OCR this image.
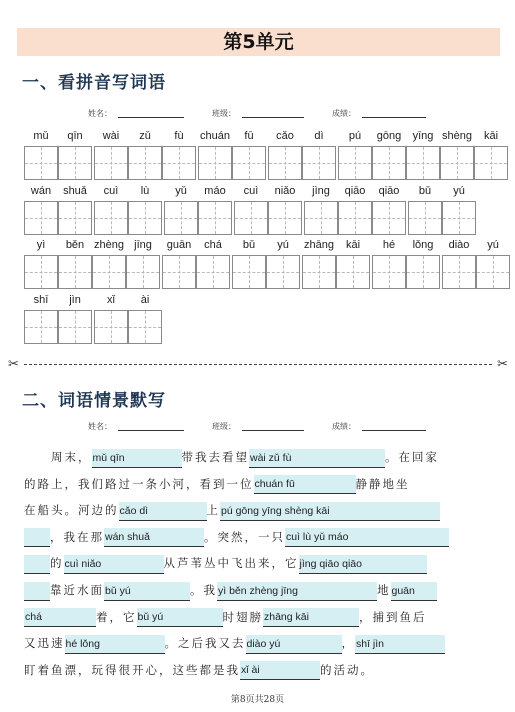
第5单元
一、看拼音写词语
姓名：	班级：	成绩：
mǔ	qīn	wài	zǔ	fù	chuán	fū	cǎo	dì	pú	gōng	yīng shèng	kāi
wán	shuǎ	cuì	lù	yǔ	máo	cuì	niǎo	jìng	qiāo	qiāo	bǔ	yú
yì	běn zhèng jīng	guān	chá	bǔ	yú	zhāng	kāi	hé	lǒng	diào	yú
shī	jìn	xǐ	ài
✂	✂
二、词语情景默写
姓名：	班级：	成绩：
　　周末，mǔ qīn	带我去看望wài zǔ fù	。在回家
的路上，我们路过一条小河，看到一位chuán fū	静静地坐
在船头。河边的cǎo dì	上pú gōng yīng shèng kāi
，我在那wán shuǎ	。突然，一只cuì lù yǔ máo
的cuì niǎo	从芦苇丛中飞出来，它jìng qiāo qiāo
靠近水面bǔ yú	。我yì běn zhèng jīng	地guān
chá	着，它bǔ yú	时翅膀zhāng kāi	，捕到鱼后
又迅速hé lǒng	。之后我又去diào yú	，shī jìn
盯着鱼漂，玩得很开心，这些都是我xǐ ài	的活动。
第8页共28页
